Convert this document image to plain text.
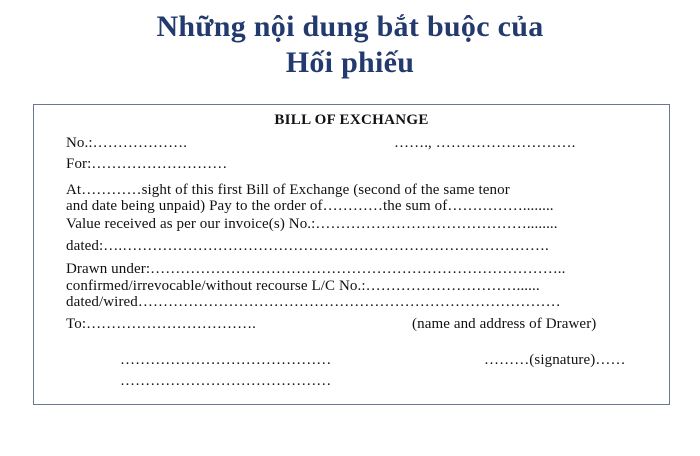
Những nội dung bắt buộc của
Hối phiếu
BILL OF EXCHANGE
No.:……………….	……., ……………………….
For:………………………
At…………sight of this first Bill of Exchange (second of the same tenor
and date being unpaid) Pay to the order of…………the sum of……………........
Value received as per our invoice(s) No.:……………………………………........
dated:….………………………………………………………………………….
Drawn under:………………………………………………………………………..
confirmed/irrevocable/without recourse L/C No.:…………………………......
dated/wired…………………………………………………………………………
To:…………………………….	(name and address of Drawer)
……………………………………	………(signature)……
……………………………………
